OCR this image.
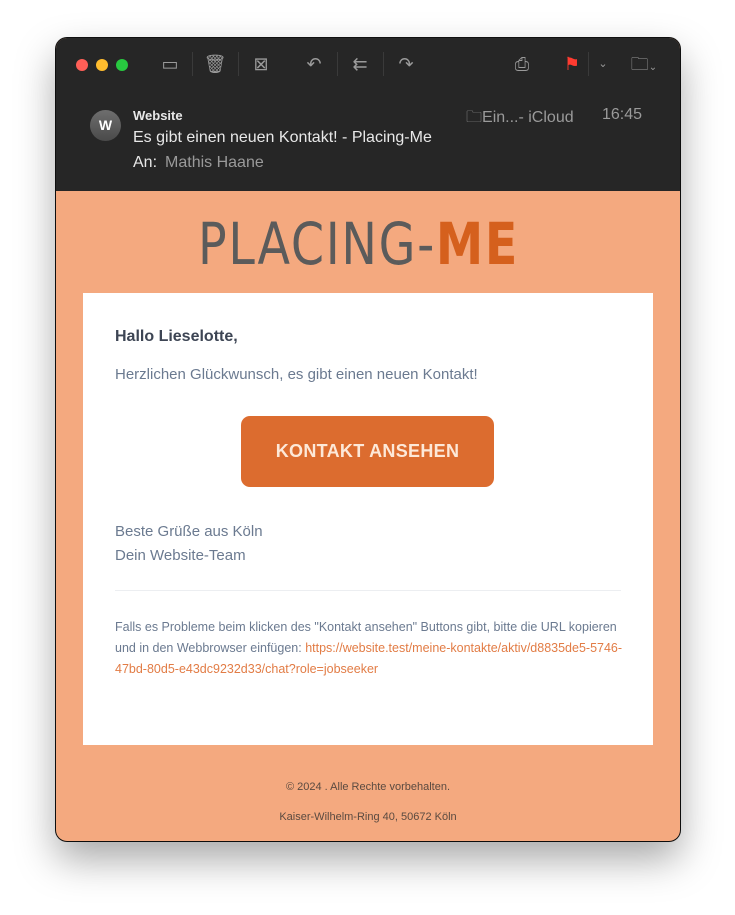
▭ 🗑	⊠	↶	⇇	↷	⎙	⚑	⌄	🗀⌄
W
Website
Es gibt einen neuen Kontakt! - Placing-Me
An: Mathis Haane
🗀Ein...- iCloud 16:45
PLACING-ME
Hallo Lieselotte,
Herzlichen Glückwunsch, es gibt einen neuen Kontakt!
KONTAKT ANSEHEN
Beste Grüße aus Köln
Dein Website-Team
Falls es Probleme beim klicken des "Kontakt ansehen" Buttons gibt, bitte die URL kopieren und in den Webbrowser einfügen: https://website.test/meine-kontakte/aktiv/d8835de5-5746-47bd-80d5-e43dc9232d33/chat?role=jobseeker
© 2024 . Alle Rechte vorbehalten.
Kaiser-Wilhelm-Ring 40, 50672 Köln
